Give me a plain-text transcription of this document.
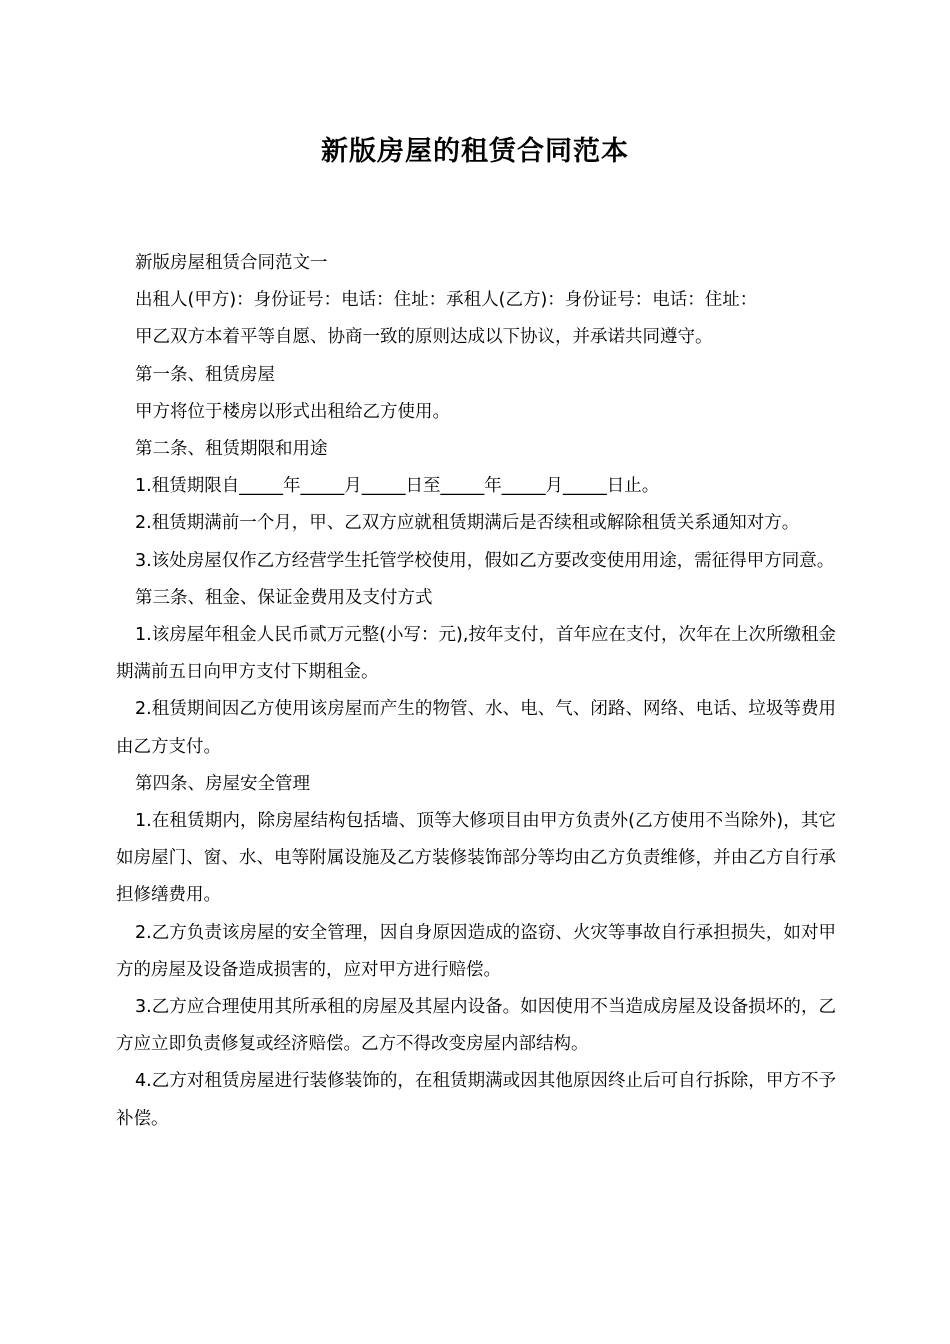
新版房屋的租赁合同范本

新版房屋租赁合同范文一

出租人(甲方)：身份证号：电话：住址：承租人(乙方)：身份证号：电话：住址：

甲乙双方本着平等自愿、协商一致的原则达成以下协议，并承诺共同遵守。

第一条、租赁房屋

甲方将位于楼房以形式出租给乙方使用。

第二条、租赁期限和用途

1.租赁期限自_____年_____月_____日至_____年_____月_____日止。

2.租赁期满前一个月，甲、乙双方应就租赁期满后是否续租或解除租赁关系通知对方。

3.该处房屋仅作乙方经营学生托管学校使用，假如乙方要改变使用用途，需征得甲方同意。

第三条、租金、保证金费用及支付方式

1.该房屋年租金人民币贰万元整(小写：元),按年支付，首年应在支付，次年在上次所缴租金期满前五日向甲方支付下期租金。

2.租赁期间因乙方使用该房屋而产生的物管、水、电、气、闭路、网络、电话、垃圾等费用由乙方支付。

第四条、房屋安全管理

1.在租赁期内，除房屋结构包括墙、顶等大修项目由甲方负责外(乙方使用不当除外)，其它如房屋门、窗、水、电等附属设施及乙方装修装饰部分等均由乙方负责维修，并由乙方自行承担修缮费用。

2.乙方负责该房屋的安全管理，因自身原因造成的盗窃、火灾等事故自行承担损失，如对甲方的房屋及设备造成损害的，应对甲方进行赔偿。

3.乙方应合理使用其所承租的房屋及其屋内设备。如因使用不当造成房屋及设备损坏的，乙方应立即负责修复或经济赔偿。乙方不得改变房屋内部结构。

4.乙方对租赁房屋进行装修装饰的，在租赁期满或因其他原因终止后可自行拆除，甲方不予补偿。
